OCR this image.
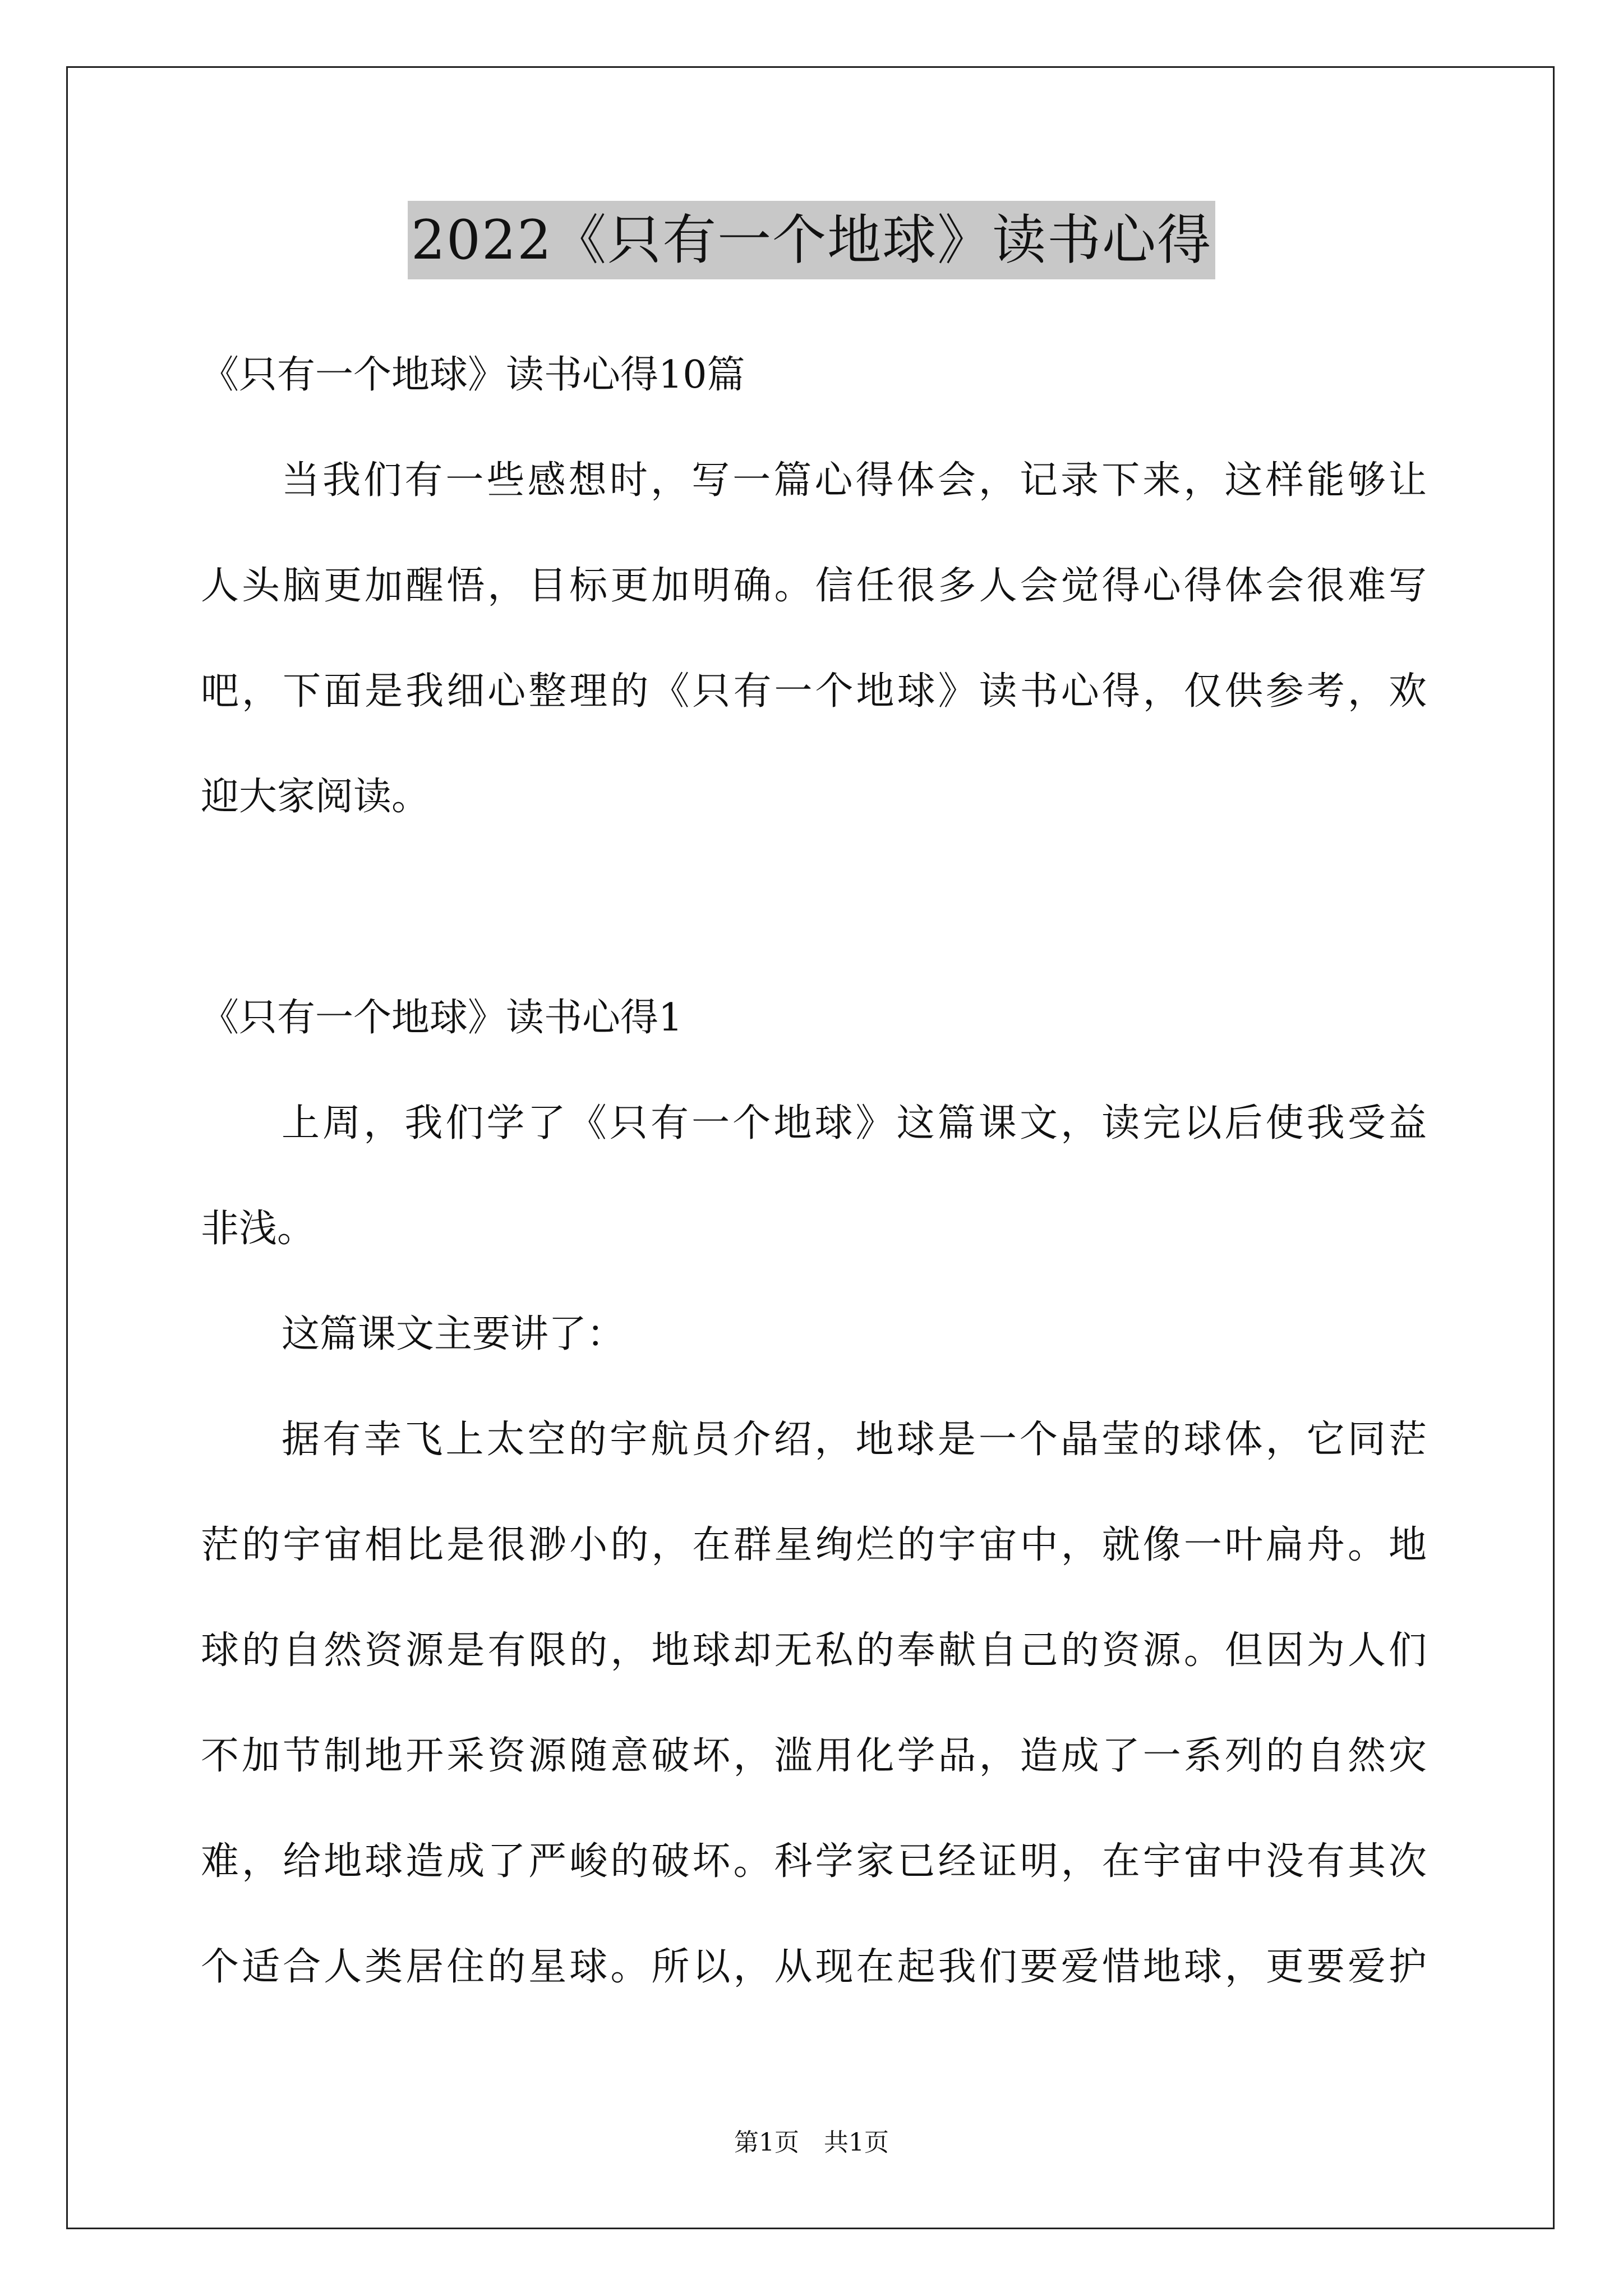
2022《只有一个地球》读书心得
《只有一个地球》读书心得10篇
当我们有一些感想时，写一篇心得体会，记录下来，这样能够让
人头脑更加醒悟，目标更加明确。信任很多人会觉得心得体会很难写
吧，下面是我细心整理的《只有一个地球》读书心得，仅供参考，欢
迎大家阅读。
《只有一个地球》读书心得1
上周，我们学了《只有一个地球》这篇课文，读完以后使我受益
非浅。
这篇课文主要讲了：
据有幸飞上太空的宇航员介绍，地球是一个晶莹的球体，它同茫
茫的宇宙相比是很渺小的，在群星绚烂的宇宙中，就像一叶扁舟。地
球的自然资源是有限的，地球却无私的奉献自己的资源。但因为人们
不加节制地开采资源随意破坏，滥用化学品，造成了一系列的自然灾
难，给地球造成了严峻的破坏。科学家已经证明，在宇宙中没有其次
个适合人类居住的星球。所以，从现在起我们要爱惜地球，更要爱护
第1页　共1页
